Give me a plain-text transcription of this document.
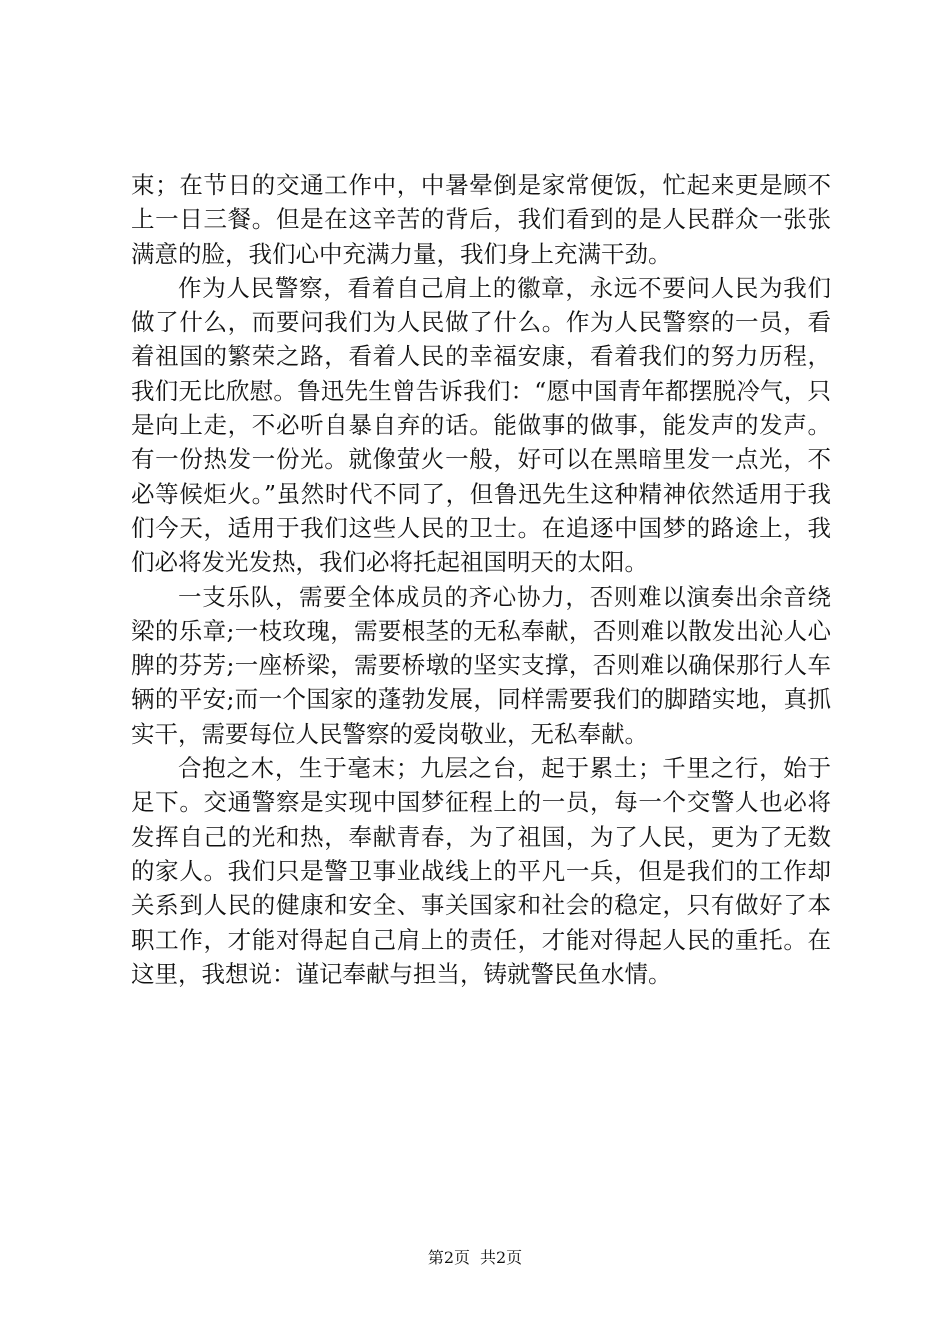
束；在节日的交通工作中，中暑晕倒是家常便饭，忙起来更是顾不上一日三餐。但是在这辛苦的背后，我们看到的是人民群众一张张满意的脸，我们心中充满力量，我们身上充满干劲。

作为人民警察，看着自己肩上的徽章，永远不要问人民为我们做了什么，而要问我们为人民做了什么。作为人民警察的一员，看着祖国的繁荣之路，看着人民的幸福安康，看着我们的努力历程，我们无比欣慰。鲁迅先生曾告诉我们：“愿中国青年都摆脱冷气，只是向上走，不必听自暴自弃的话。能做事的做事，能发声的发声。有一份热发一份光。就像萤火一般，好可以在黑暗里发一点光，不必等候炬火。”虽然时代不同了，但鲁迅先生这种精神依然适用于我们今天，适用于我们这些人民的卫士。在追逐中国梦的路途上，我们必将发光发热，我们必将托起祖国明天的太阳。

一支乐队，需要全体成员的齐心协力，否则难以演奏出余音绕梁的乐章;一枝玫瑰，需要根茎的无私奉献，否则难以散发出沁人心脾的芬芳;一座桥梁，需要桥墩的坚实支撑，否则难以确保那行人车辆的平安;而一个国家的蓬勃发展，同样需要我们的脚踏实地，真抓实干，需要每位人民警察的爱岗敬业，无私奉献。

合抱之木，生于毫末；九层之台，起于累土；千里之行，始于足下。交通警察是实现中国梦征程上的一员，每一个交警人也必将发挥自己的光和热，奉献青春，为了祖国，为了人民，更为了无数的家人。我们只是警卫事业战线上的平凡一兵，但是我们的工作却关系到人民的健康和安全、事关国家和社会的稳定，只有做好了本职工作，才能对得起自己肩上的责任，才能对得起人民的重托。在这里，我想说：谨记奉献与担当，铸就警民鱼水情。

第2页 共2页
